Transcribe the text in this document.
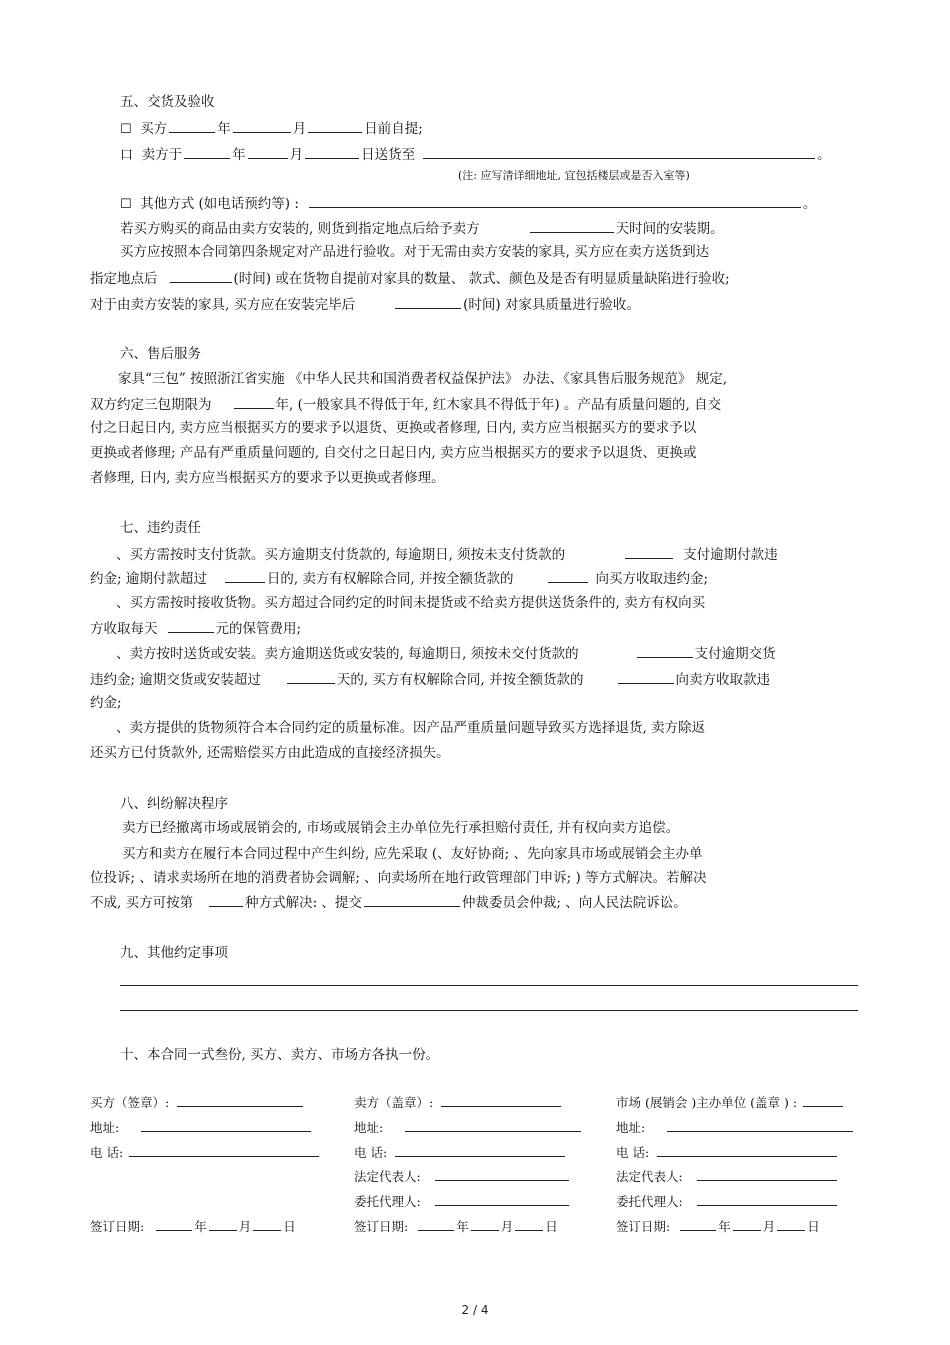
五、交货及验收
☐ 买方	年	月	日前自提;
口 卖方于	年	月	日送货至	。
(注: 应写清详细地址, 宜包括楼层或是否入室等)
☐ 其他方式 (如电话预约等) :	。
若买方购买的商品由卖方安装的, 则货到指定地点后给予卖方	天时间的安装期。
买方应按照本合同第四条规定对产品进行验收。对于无需由卖方安装的家具, 买方应在卖方送货到达
指定地点后	(时间) 或在货物自提前对家具的数量、 款式、颜色及是否有明显质量缺陷进行验收;
对于由卖方安装的家具, 买方应在安装完毕后	(时间) 对家具质量进行验收。
六、售后服务
家具“三包” 按照浙江省实施 《中华人民共和国消费者权益保护法》 办法、《家具售后服务规范》 规定,
双方约定三包期限为	年, (一般家具不得低于年, 红木家具不得低于年) 。产品有质量问题的, 自交
付之日起日内, 卖方应当根据买方的要求予以退货、更换或者修理, 日内, 卖方应当根据买方的要求予以
更换或者修理; 产品有严重质量问题的, 自交付之日起日内, 卖方应当根据买方的要求予以退货、更换或
者修理, 日内, 卖方应当根据买方的要求予以更换或者修理。
七、违约责任
、买方需按时支付货款。买方逾期支付货款的, 每逾期日, 须按未支付货款的	支付逾期付款违
约金; 逾期付款超过	日的, 卖方有权解除合同, 并按全额货款的	向买方收取违约金;
、买方需按时接收货物。买方超过合同约定的时间未提货或不给卖方提供送货条件的, 卖方有权向买
方收取每天	元的保管费用;
、卖方按时送货或安装。卖方逾期送货或安装的, 每逾期日, 须按未交付货款的	支付逾期交货
违约金; 逾期交货或安装超过	天的, 买方有权解除合同, 并按全额货款的	向卖方收取款违
约金;
、卖方提供的货物须符合本合同约定的质量标准。因产品严重质量问题导致买方选择退货, 卖方除返
还买方已付货款外, 还需赔偿买方由此造成的直接经济损失。
八、纠纷解决程序
卖方已经撤离市场或展销会的, 市场或展销会主办单位先行承担赔付责任, 并有权向卖方追偿。
买方和卖方在履行本合同过程中产生纠纷, 应先采取 (、友好协商; 、先向家具市场或展销会主办单
位投诉; 、请求卖场所在地的消费者协会调解; 、向卖场所在地行政管理部门申诉; ) 等方式解决。若解决
不成, 买方可按第	种方式解决: 、提交	仲裁委员会仲裁; 、向人民法院诉讼。
九、其他约定事项
十、本合同一式叁份, 买方、卖方、市场方各执一份。
买方（签章）:
地址:
电 话:
签订日期:	年	月	日
卖方（盖章）:
地址:
电 话:
法定代表人:
委托代理人:
签订日期:	年	月	日
市场 (展销会 )主办单位 (盖章 ) :
地址:
电 话:
法定代表人:
委托代理人:
签订日期:	年	月	日
2 / 4
